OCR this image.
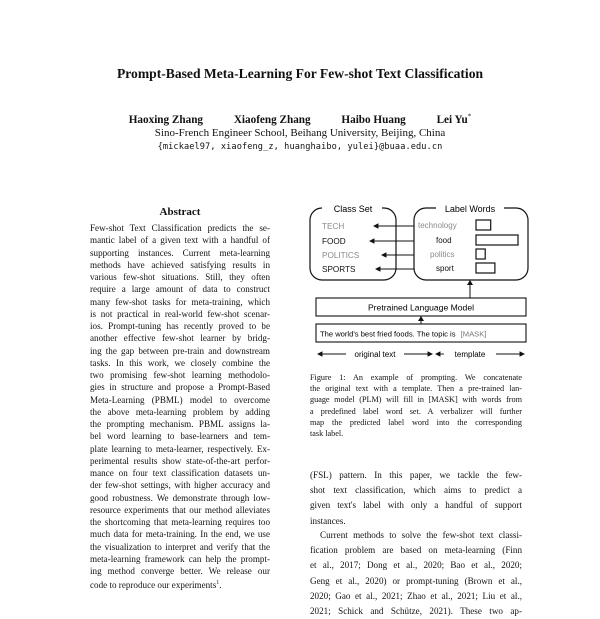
Prompt-Based Meta-Learning For Few-shot Text Classification
Haoxing Zhang	Xiaofeng Zhang	Haibo Huang	Lei Yu*
Sino-French Engineer School, Beihang University, Beijing, China
{mickael97, xiaofeng_z, huanghaibo, yulei}@buaa.edu.cn
Abstract
Few-shot Text Classification predicts the se-
mantic label of a given text with a handful of
supporting instances. Current meta-learning
methods have achieved satisfying results in
various few-shot situations. Still, they often
require a large amount of data to construct
many few-shot tasks for meta-training, which
is not practical in real-world few-shot scenar-
ios. Prompt-tuning has recently proved to be
another effective few-shot learner by bridg-
ing the gap between pre-train and downstream
tasks. In this work, we closely combine the
two promising few-shot learning methodolo-
gies in structure and propose a Prompt-Based
Meta-Learning (PBML) model to overcome
the above meta-learning problem by adding
the prompting mechanism. PBML assigns la-
bel word learning to base-learners and tem-
plate learning to meta-learner, respectively. Ex-
perimental results show state-of-the-art perfor-
mance on four text classification datasets un-
der few-shot settings, with higher accuracy and
good robustness. We demonstrate through low-
resource experiments that our method alleviates
the shortcoming that meta-learning requires too
much data for meta-training. In the end, we use
the visualization to interpret and verify that the
meta-learning framework can help the prompt-
ing method converge better. We release our
code to reproduce our experiments$^1$.
Class Set
TECH
FOOD
POLITICS
SPORTS
Label Words
technology
food
politics
sport
Pretrained Language Model
The world's best fried foods. The topic is [MASK]
original text	template
Figure 1: An example of prompting. We concatenate
the original text with a template. Then a pre-trained lan-
guage model (PLM) will fill in [MASK] with words from
a predefined label word set. A verbalizer will further
map the predicted label word into the corresponding
task label.
(FSL) pattern. In this paper, we tackle the few-
shot text classification, which aims to predict a
given text's label with only a handful of support
instances.
Current methods to solve the few-shot text classi-
fication problem are based on meta-learning (Finn
et al., 2017; Dong et al., 2020; Bao et al., 2020;
Geng et al., 2020) or prompt-tuning (Brown et al.,
2020; Gao et al., 2021; Zhao et al., 2021; Liu et al.,
2021; Schick and Schütze, 2021). These two ap-
